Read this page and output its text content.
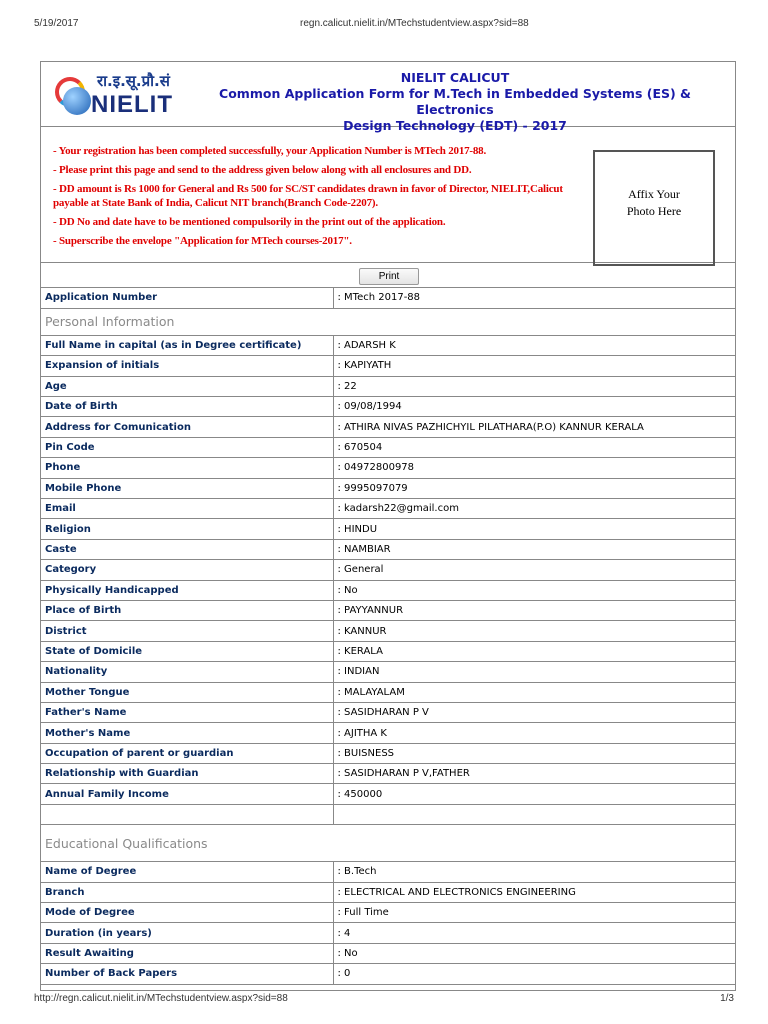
5/19/2017	regn.calicut.nielit.in/MTechstudentview.aspx?sid=88
रा.इ.सू.प्रौ.सं
NIELIT
NIELIT CALICUT
Common Application Form for M.Tech in Embedded Systems (ES) & Electronics
Design Technology (EDT) - 2017
- Your registration has been completed successfully, your Application Number is MTech 2017-88.
- Please print this page and send to the address given below along with all enclosures and DD.
- DD amount is Rs 1000 for General and Rs 500 for SC/ST candidates drawn in favor of Director, NIELIT,Calicut payable at State Bank of India, Calicut NIT branch(Branch Code-2207).
- DD No and date have to be mentioned compulsorily in the print out of the application.
- Superscribe the envelope "Application for MTech courses-2017".
Affix Your
Photo Here
Print
Application Number	: MTech 2017-88
Personal Information	
Full Name in capital (as in Degree certificate)	: ADARSH K
Expansion of initials	: KAPIYATH
Age	: 22
Date of Birth	: 09/08/1994
Address for Comunication	: ATHIRA NIVAS PAZHICHYIL PILATHARA(P.O) KANNUR KERALA
Pin Code	: 670504
Phone	: 04972800978
Mobile Phone	: 9995097079
Email	: kadarsh22@gmail.com
Religion	: HINDU
Caste	: NAMBIAR
Category	: General
Physically Handicapped	: No
Place of Birth	: PAYYANNUR
District	: KANNUR
State of Domicile	: KERALA
Nationality	: INDIAN
Mother Tongue	: MALAYALAM
Father's Name	: SASIDHARAN P V
Mother's Name	: AJITHA K
Occupation of parent or guardian	: BUISNESS
Relationship with Guardian	: SASIDHARAN P V,FATHER
Annual Family Income	: 450000

Educational Qualifications	
Name of Degree	: B.Tech
Branch	: ELECTRICAL AND ELECTRONICS ENGINEERING
Mode of Degree	: Full Time
Duration (in years)	: 4
Result Awaiting	: No
Number of Back Papers	: 0
http://regn.calicut.nielit.in/MTechstudentview.aspx?sid=88	1/3
